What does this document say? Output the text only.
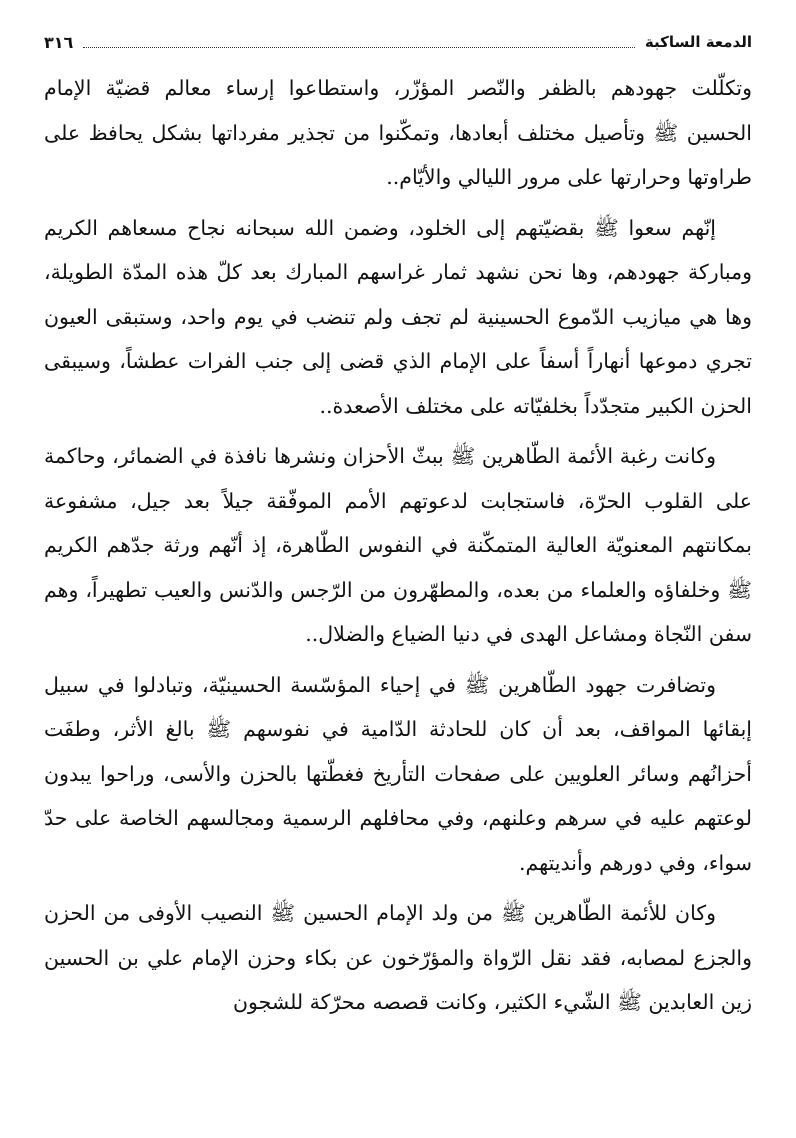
٣١٦	الدمعة الساكبة

وتكلّلت جهودهم بالظفر والنّصر المؤزّر، واستطاعوا إرساء معالم قضيّة الإمام الحسين ﷺ وتأصيل مختلف أبعادها، وتمكّنوا من تجذير مفرداتها بشكل يحافظ على طراوتها وحرارتها على مرور الليالي والأيّام..

إنّهم سعوا ﷺ بقضيّتهم إلى الخلود، وضمن الله سبحانه نجاح مسعاهم الكريم ومباركة جهودهم، وها نحن نشهد ثمار غراسهم المبارك بعد كلّ هذه المدّة الطويلة، وها هي ميازيب الدّموع الحسينية لم تجف ولم تنضب في يوم واحد، وستبقى العيون تجري دموعها أنهاراً أسفاً على الإمام الذي قضى إلى جنب الفرات عطشاً، وسيبقى الحزن الكبير متجدّداً بخلفيّاته على مختلف الأصعدة..

وكانت رغبة الأئمة الطّاهرين ﷺ ببثّ الأحزان ونشرها نافذة في الضمائر، وحاكمة على القلوب الحرّة، فاستجابت لدعوتهم الأمم الموفّقة جيلاً بعد جيل، مشفوعة بمكانتهم المعنويّة العالية المتمكّنة في النفوس الطّاهرة، إذ أنّهم ورثة جدّهم الكريم ﷺ وخلفاؤه والعلماء من بعده، والمطهّرون من الرّجس والدّنس والعيب تطهيراً، وهم سفن النّجاة ومشاعل الهدى في دنيا الضياع والضلال..

وتضافرت جهود الطّاهرين ﷺ في إحياء المؤسّسة الحسينيّة، وتبادلوا في سبيل إبقائها المواقف، بعد أن كان للحادثة الدّامية في نفوسهم ﷺ بالغ الأثر، وطفَت أحزانُهم وسائر العلويين على صفحات التأريخ فغطّتها بالحزن والأسى، وراحوا يبدون لوعتهم عليه في سرهم وعلنهم، وفي محافلهم الرسمية ومجالسهم الخاصة على حدّ سواء، وفي دورهم وأنديتهم.

وكان للأئمة الطّاهرين ﷺ من ولد الإمام الحسين ﷺ النصيب الأوفى من الحزن والجزع لمصابه، فقد نقل الرّواة والمؤرّخون عن بكاء وحزن الإمام علي بن الحسين زين العابدين ﷺ الشّيء الكثير، وكانت قصصه محرّكة للشجون
